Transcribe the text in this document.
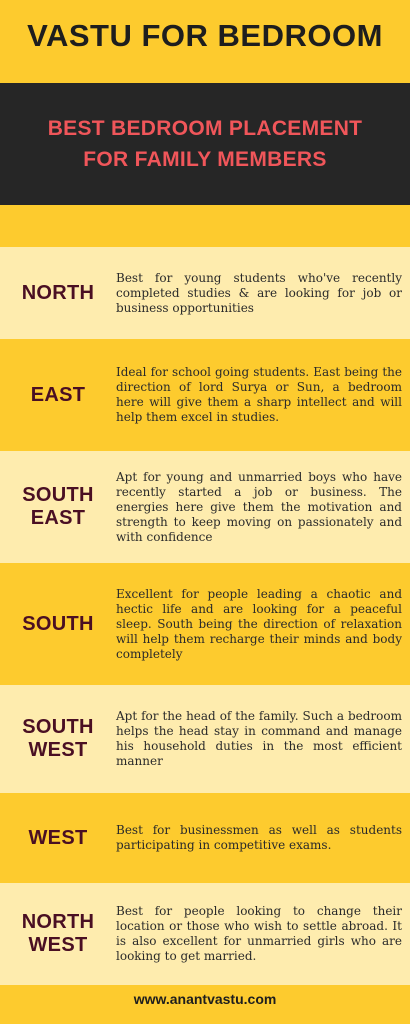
VASTU FOR BEDROOM
BEST BEDROOM PLACEMENT
FOR FAMILY MEMBERS
NORTH
Best for young students who've recently completed studies & are looking for job or business opportunities
EAST
Ideal for school going students. East being the direction of lord Surya or Sun, a bedroom here will give them a sharp intellect and will help them excel in studies.
SOUTH
EAST
Apt for young and unmarried boys who have recently started a job or business. The energies here give them the motivation and strength to keep moving on passionately and with confidence
SOUTH
Excellent for people leading a chaotic and hectic life and are looking for a peaceful sleep. South being the direction of relaxation will help them recharge their minds and body completely
SOUTH
WEST
Apt for the head of the family. Such a bedroom helps the head stay in command and manage his household duties in the most efficient manner
WEST	Best for businessmen as well as students participating in competitive exams.
NORTH
WEST
Best for people looking to change their location or those who wish to settle abroad. It is also excellent for unmarried girls who are looking to get married.
www.anantvastu.com
